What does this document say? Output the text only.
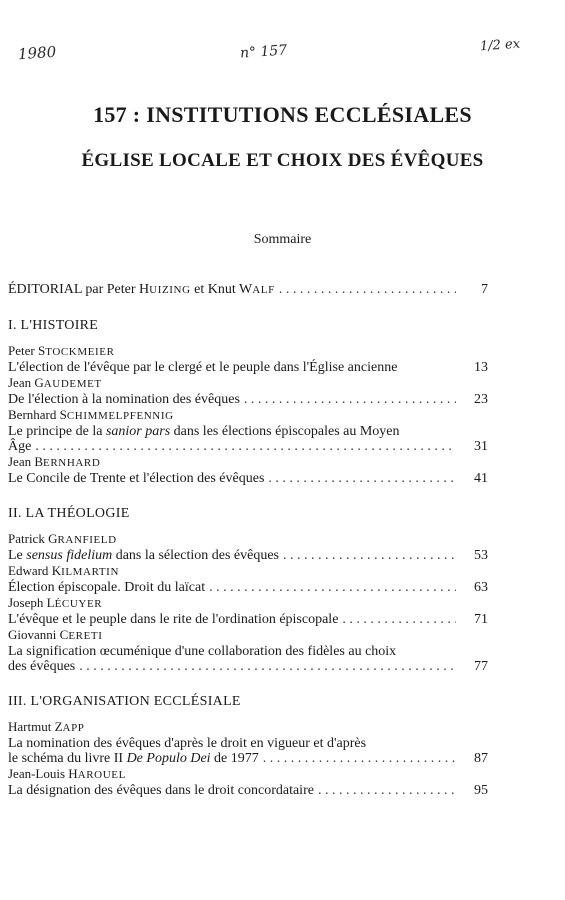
1980	n° 157	1/2 ex
157 : INSTITUTIONS ECCLÉSIALES
ÉGLISE LOCALE ET CHOIX DES ÉVÊQUES
Sommaire
ÉDITORIAL par Peter HUIZING et Knut WALF . . .	7
I. L'HISTOIRE
Peter STOCKMEIER
L'élection de l'évêque par le clergé et le peuple dans l'Église ancienne	13
Jean GAUDEMET
De l'élection à la nomination des évêques . . .	23
Bernhard SCHIMMELPFENNIG
Le principe de la sanior pars dans les élections épiscopales au Moyen
Âge . . .	31
Jean BERNHARD
Le Concile de Trente et l'élection des évêques . . .	41
II. LA THÉOLOGIE
Patrick GRANFIELD
Le sensus fidelium dans la sélection des évêques . . .	53
Edward KILMARTIN
Élection épiscopale. Droit du laïcat . . .	63
Joseph LÉCUYER
L'évêque et le peuple dans le rite de l'ordination épiscopale . . .	71
Giovanni CERETI
La signification œcuménique d'une collaboration des fidèles au choix
des évêques . . .	77
III. L'ORGANISATION ECCLÉSIALE
Hartmut ZAPP
La nomination des évêques d'après le droit en vigueur et d'après
le schéma du livre II De Populo Dei de 1977 . . .	87
Jean-Louis HAROUEL
La désignation des évêques dans le droit concordataire . . .	95
